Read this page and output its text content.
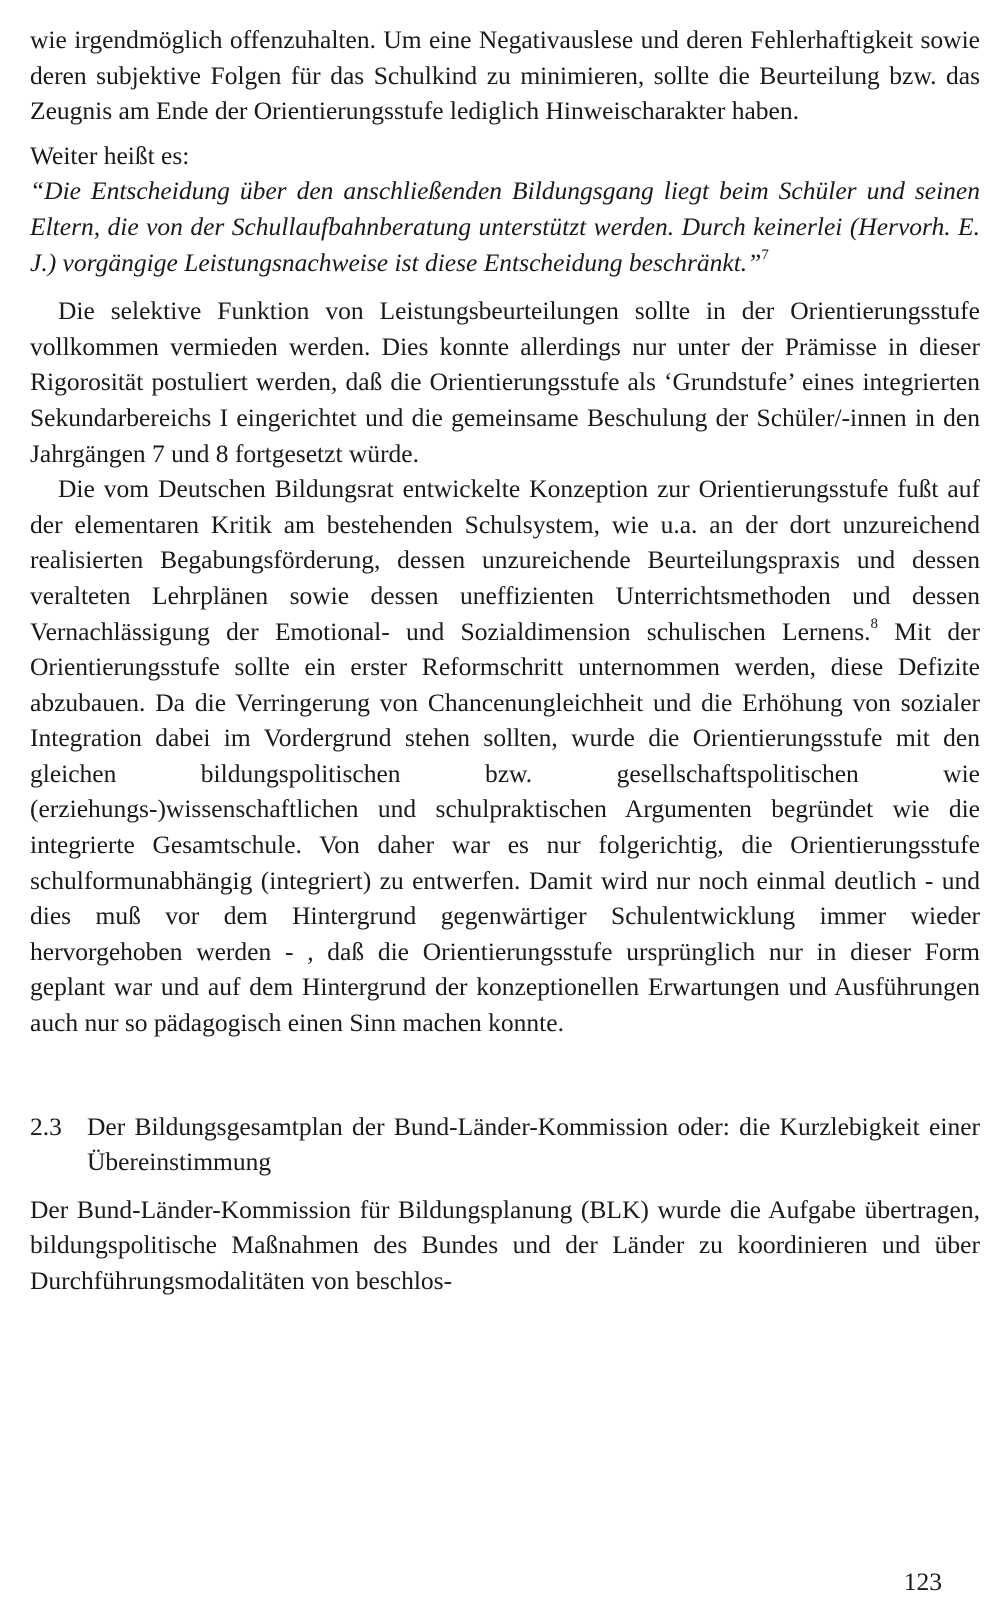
wie irgendmöglich offenzuhalten. Um eine Negativauslese und deren Fehlerhaftigkeit sowie deren subjektive Folgen für das Schulkind zu minimieren, sollte die Beurteilung bzw. das Zeugnis am Ende der Orientierungsstufe lediglich Hinweischarakter haben.

Weiter heißt es:

“Die Entscheidung über den anschließenden Bildungsgang liegt beim Schüler und seinen Eltern, die von der Schullaufbahnberatung unterstützt werden. Durch keinerlei (Hervorh. E. J.) vorgängige Leistungsnachweise ist diese Entscheidung beschränkt.”$^7$

Die selektive Funktion von Leistungsbeurteilungen sollte in der Orientierungsstufe vollkommen vermieden werden. Dies konnte allerdings nur unter der Prämisse in dieser Rigorosität postuliert werden, daß die Orientierungsstufe als ‘Grundstufe’ eines integrierten Sekundarbereichs I eingerichtet und die gemeinsame Beschulung der Schüler/-innen in den Jahrgängen 7 und 8 fortgesetzt würde.

Die vom Deutschen Bildungsrat entwickelte Konzeption zur Orientierungsstufe fußt auf der elementaren Kritik am bestehenden Schulsystem, wie u.a. an der dort unzureichend realisierten Begabungsförderung, dessen unzureichende Beurteilungspraxis und dessen veralteten Lehrplänen sowie dessen uneffizienten Unterrichtsmethoden und dessen Vernachlässigung der Emotional- und Sozialdimension schulischen Lernens.$^8$ Mit der Orientierungsstufe sollte ein erster Reformschritt unternommen werden, diese Defizite abzubauen. Da die Verringerung von Chancenungleichheit und die Erhöhung von sozialer Integration dabei im Vordergrund stehen sollten, wurde die Orientierungsstufe mit den gleichen bildungspolitischen bzw. gesellschaftspolitischen wie (erziehungs-)wissenschaftlichen und schulpraktischen Argumenten begründet wie die integrierte Gesamtschule. Von daher war es nur folgerichtig, die Orientierungsstufe schulformunabhängig (integriert) zu entwerfen. Damit wird nur noch einmal deutlich - und dies muß vor dem Hintergrund gegenwärtiger Schulentwicklung immer wieder hervorgehoben werden - , daß die Orientierungsstufe ursprünglich nur in dieser Form geplant war und auf dem Hintergrund der konzeptionellen Erwartungen und Ausführungen auch nur so pädagogisch einen Sinn machen konnte.

2.3 Der Bildungsgesamtplan der Bund-Länder-Kommission oder: die Kurzlebigkeit einer Übereinstimmung

Der Bund-Länder-Kommission für Bildungsplanung (BLK) wurde die Aufgabe übertragen, bildungspolitische Maßnahmen des Bundes und der Länder zu koordinieren und über Durchführungsmodalitäten von beschlos-

123
